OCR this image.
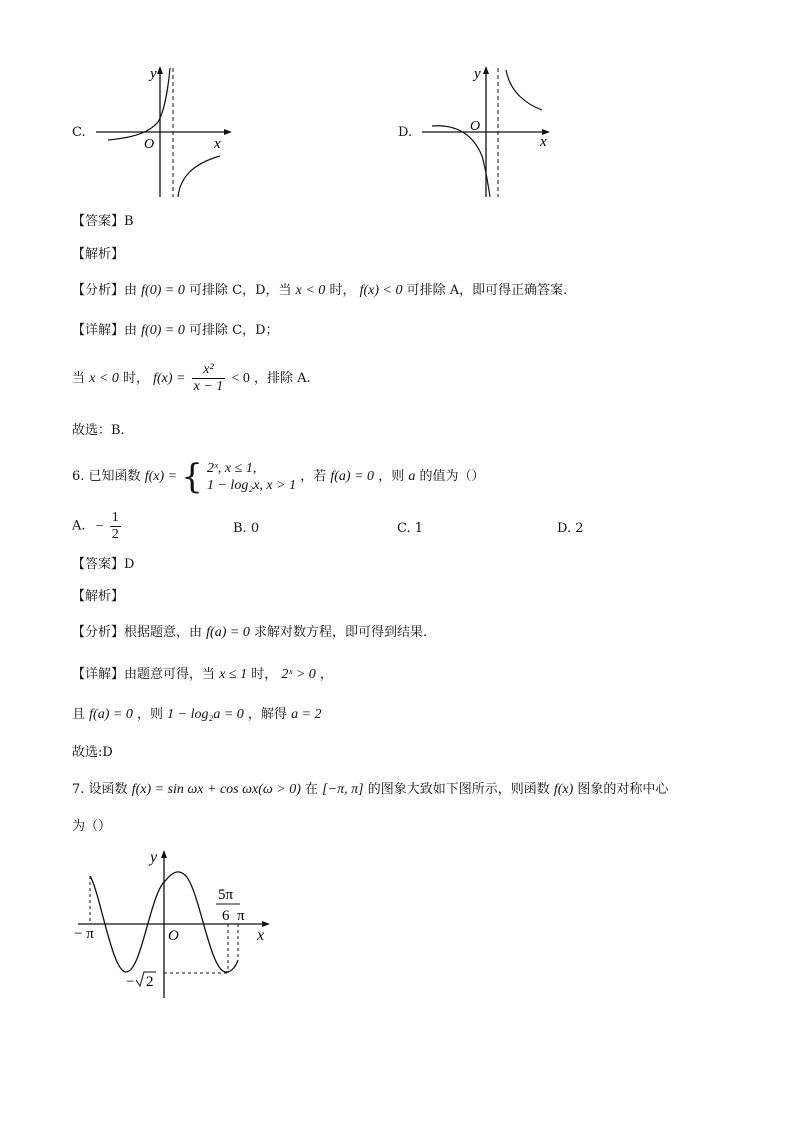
C.
y
x
O
D.
y
x
O
【答案】B
【解析】
【分析】由 f(0) = 0 可排除 C，D，当 x < 0 时， f(x) < 0 可排除 A，即可得正确答案.
【详解】由 f(0) = 0 可排除 C，D；
当 x < 0 时， $f(x) = \frac{\text{x²}}{x - 1} < 0$ ，排除 A.
故选：B.
6. 已知函数 f(x) = { 2ˣ, x ≤ 1,
1 − log₂x, x > 1
，若 f(a) = 0 ，则 a 的值为（）
A. − $\frac{1}{2}$	B. 0	C. 1	D. 2
【答案】D
【解析】
【分析】根据题意，由 f(a) = 0 求解对数方程，即可得到结果.
【详解】由题意可得，当 x ≤ 1 时， 2ˣ > 0 ，
且 f(a) = 0 ，则 1 − log₂a = 0 ，解得 a = 2
故选:D
7. 设函数 f(x) = sin ωx + cos ωx(ω > 0) 在 [−π, π] 的图象大致如下图所示，则函数 f(x) 图象的对称中心
为（）
y
x
O
− π
5π
6 π
− 2
